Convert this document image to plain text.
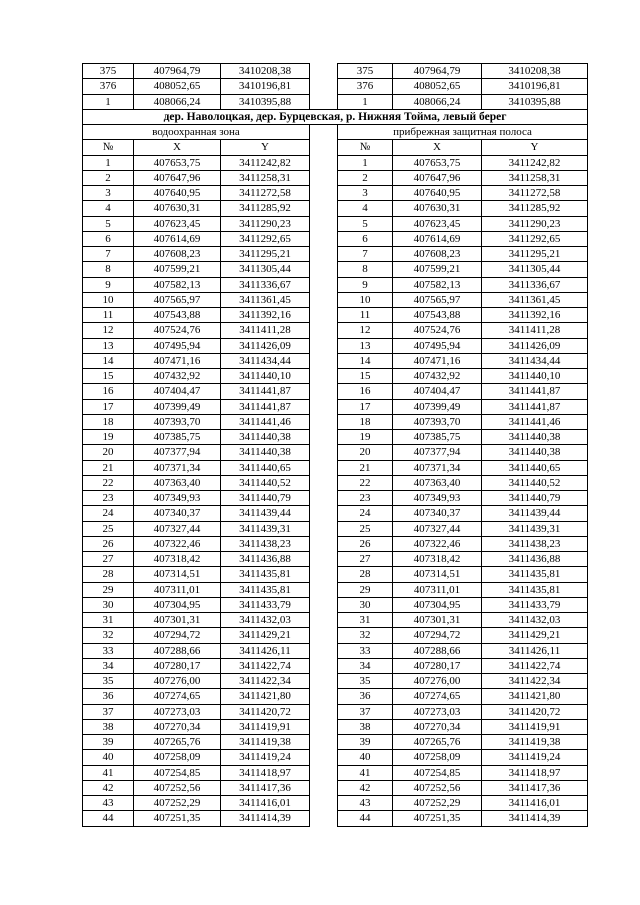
375	407964,79	3410208,38		375	407964,79	3410208,38
376	408052,65	3410196,81		376	408052,65	3410196,81
1	408066,24	3410395,88		1	408066,24	3410395,88
дер. Наволоцкая, дер. Бурцевская, р. Нижняя Тойма, левый берег						
водоохранная зона				прибрежная защитная полоса		
№	X	Y		№	X	Y
1	407653,75	3411242,82		1	407653,75	3411242,82
2	407647,96	3411258,31		2	407647,96	3411258,31
3	407640,95	3411272,58		3	407640,95	3411272,58
4	407630,31	3411285,92		4	407630,31	3411285,92
5	407623,45	3411290,23		5	407623,45	3411290,23
6	407614,69	3411292,65		6	407614,69	3411292,65
7	407608,23	3411295,21		7	407608,23	3411295,21
8	407599,21	3411305,44		8	407599,21	3411305,44
9	407582,13	3411336,67		9	407582,13	3411336,67
10	407565,97	3411361,45		10	407565,97	3411361,45
11	407543,88	3411392,16		11	407543,88	3411392,16
12	407524,76	3411411,28		12	407524,76	3411411,28
13	407495,94	3411426,09		13	407495,94	3411426,09
14	407471,16	3411434,44		14	407471,16	3411434,44
15	407432,92	3411440,10		15	407432,92	3411440,10
16	407404,47	3411441,87		16	407404,47	3411441,87
17	407399,49	3411441,87		17	407399,49	3411441,87
18	407393,70	3411441,46		18	407393,70	3411441,46
19	407385,75	3411440,38		19	407385,75	3411440,38
20	407377,94	3411440,38		20	407377,94	3411440,38
21	407371,34	3411440,65		21	407371,34	3411440,65
22	407363,40	3411440,52		22	407363,40	3411440,52
23	407349,93	3411440,79		23	407349,93	3411440,79
24	407340,37	3411439,44		24	407340,37	3411439,44
25	407327,44	3411439,31		25	407327,44	3411439,31
26	407322,46	3411438,23		26	407322,46	3411438,23
27	407318,42	3411436,88		27	407318,42	3411436,88
28	407314,51	3411435,81		28	407314,51	3411435,81
29	407311,01	3411435,81		29	407311,01	3411435,81
30	407304,95	3411433,79		30	407304,95	3411433,79
31	407301,31	3411432,03		31	407301,31	3411432,03
32	407294,72	3411429,21		32	407294,72	3411429,21
33	407288,66	3411426,11		33	407288,66	3411426,11
34	407280,17	3411422,74		34	407280,17	3411422,74
35	407276,00	3411422,34		35	407276,00	3411422,34
36	407274,65	3411421,80		36	407274,65	3411421,80
37	407273,03	3411420,72		37	407273,03	3411420,72
38	407270,34	3411419,91		38	407270,34	3411419,91
39	407265,76	3411419,38		39	407265,76	3411419,38
40	407258,09	3411419,24		40	407258,09	3411419,24
41	407254,85	3411418,97		41	407254,85	3411418,97
42	407252,56	3411417,36		42	407252,56	3411417,36
43	407252,29	3411416,01		43	407252,29	3411416,01
44	407251,35	3411414,39		44	407251,35	3411414,39
